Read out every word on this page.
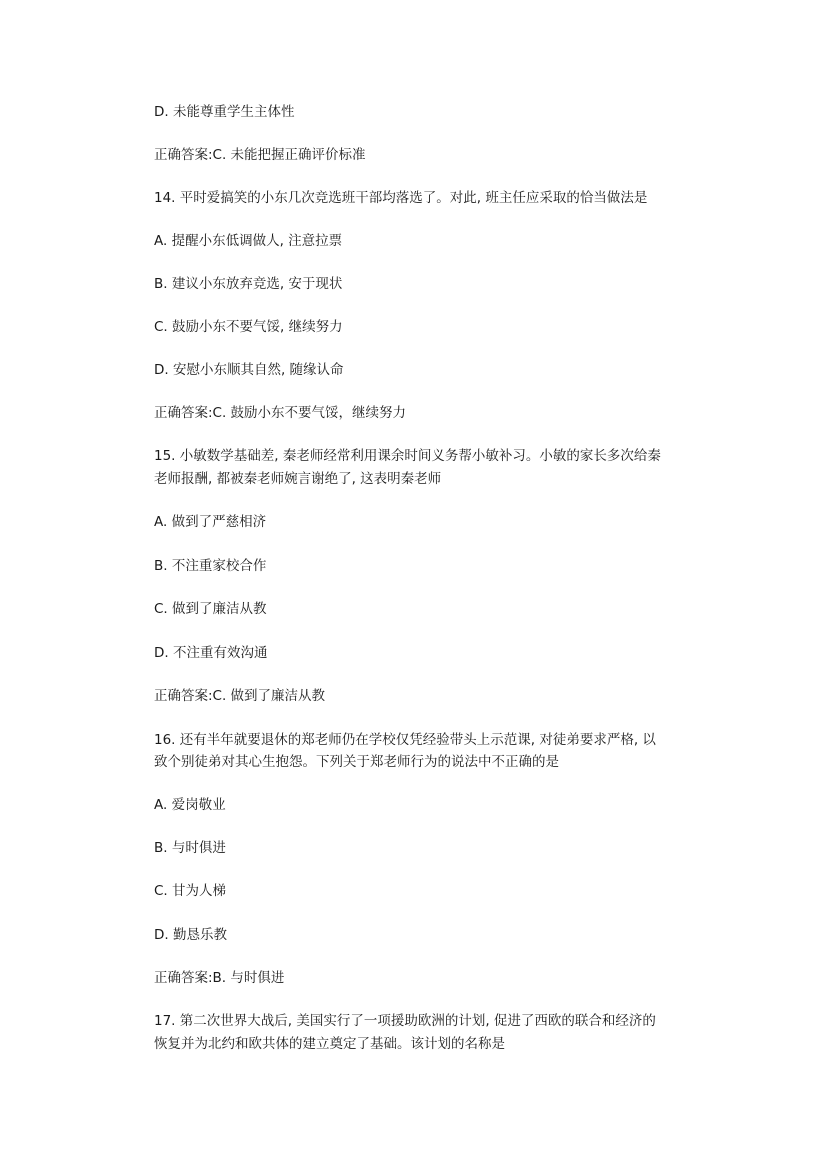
D. 未能尊重学生主体性
正确答案:C. 未能把握正确评价标准
14. 平时爱搞笑的小东几次竞选班干部均落选了。对此, 班主任应采取的恰当做法是
A. 提醒小东低调做人, 注意拉票
B. 建议小东放弃竞选, 安于现状
C. 鼓励小东不要气馁, 继续努力
D. 安慰小东顺其自然, 随缘认命
正确答案:C. 鼓励小东不要气馁，继续努力
15. 小敏数学基础差, 秦老师经常利用课余时间义务帮小敏补习。小敏的家长多次给秦
老师报酬, 都被秦老师婉言谢绝了, 这表明秦老师
A. 做到了严慈相济
B. 不注重家校合作
C. 做到了廉洁从教
D. 不注重有效沟通
正确答案:C. 做到了廉洁从教
16. 还有半年就要退休的郑老师仍在学校仅凭经验带头上示范课, 对徒弟要求严格, 以
致个别徒弟对其心生抱怨。下列关于郑老师行为的说法中不正确的是
A. 爱岗敬业
B. 与时俱进
C. 甘为人梯
D. 勤恳乐教
正确答案:B. 与时俱进
17. 第二次世界大战后, 美国实行了一项援助欧洲的计划, 促进了西欧的联合和经济的
恢复并为北约和欧共体的建立奠定了基础。该计划的名称是
